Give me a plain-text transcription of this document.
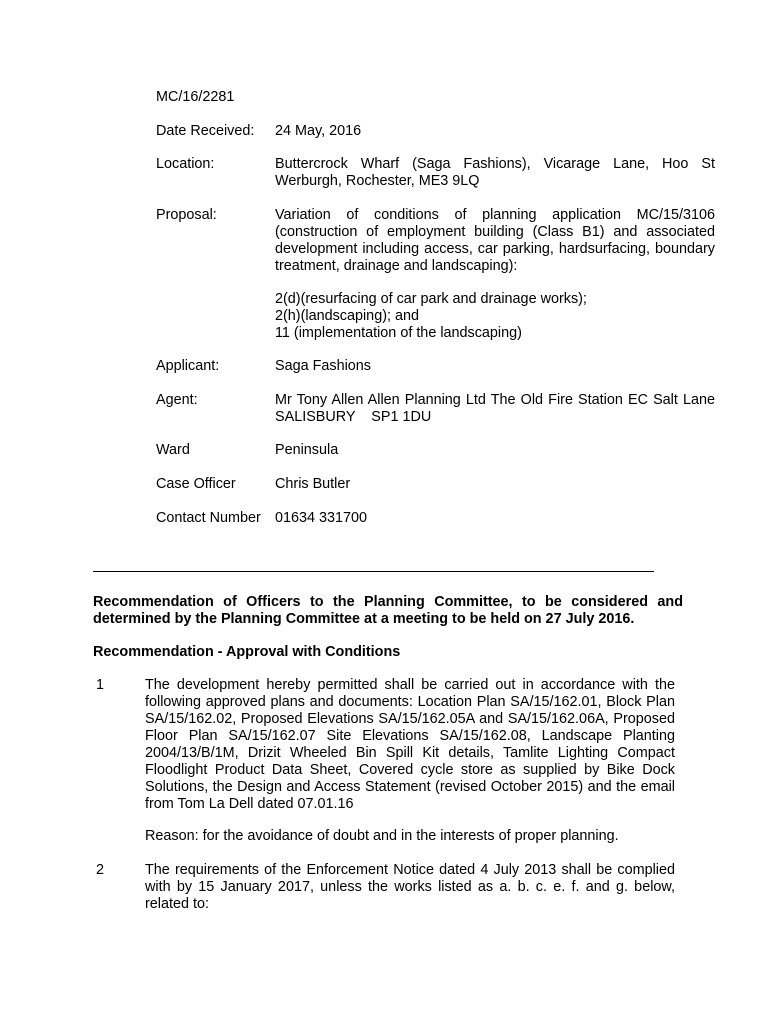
MC/16/2281
Date Received: 24 May, 2016
Location:	Buttercrock Wharf (Saga Fashions), Vicarage Lane, Hoo St Werburgh, Rochester, ME3 9LQ
Proposal:	Variation of conditions of planning application MC/15/3106 (construction of employment building (Class B1) and associated development including access, car parking, hardsurfacing, boundary treatment, drainage and landscaping):
2(d)(resurfacing of car park and drainage works);
2(h)(landscaping); and
11 (implementation of the landscaping)
Applicant:	Saga Fashions
Agent:	Mr Tony Allen Allen Planning Ltd The Old Fire Station EC Salt Lane SALISBURY    SP1 1DU
Ward	Peninsula
Case Officer	Chris Butler
Contact Number 01634 331700
Recommendation of Officers to the Planning Committee, to be considered and determined by the Planning Committee at a meeting to be held on 27 July 2016.
Recommendation - Approval with Conditions
1	The development hereby permitted shall be carried out in accordance with the following approved plans and documents: Location Plan SA/15/162.01, Block Plan SA/15/162.02, Proposed Elevations SA/15/162.05A and SA/15/162.06A, Proposed Floor Plan SA/15/162.07 Site Elevations SA/15/162.08, Landscape Planting 2004/13/B/1M, Drizit Wheeled Bin Spill Kit details, Tamlite Lighting Compact Floodlight Product Data Sheet, Covered cycle store as supplied by Bike Dock Solutions, the Design and Access Statement (revised October 2015) and the email from Tom La Dell dated 07.01.16
Reason: for the avoidance of doubt and in the interests of proper planning.
2	The requirements of the Enforcement Notice dated 4 July 2013 shall be complied with by 15 January 2017, unless the works listed as a. b. c. e. f. and g. below, related to:
